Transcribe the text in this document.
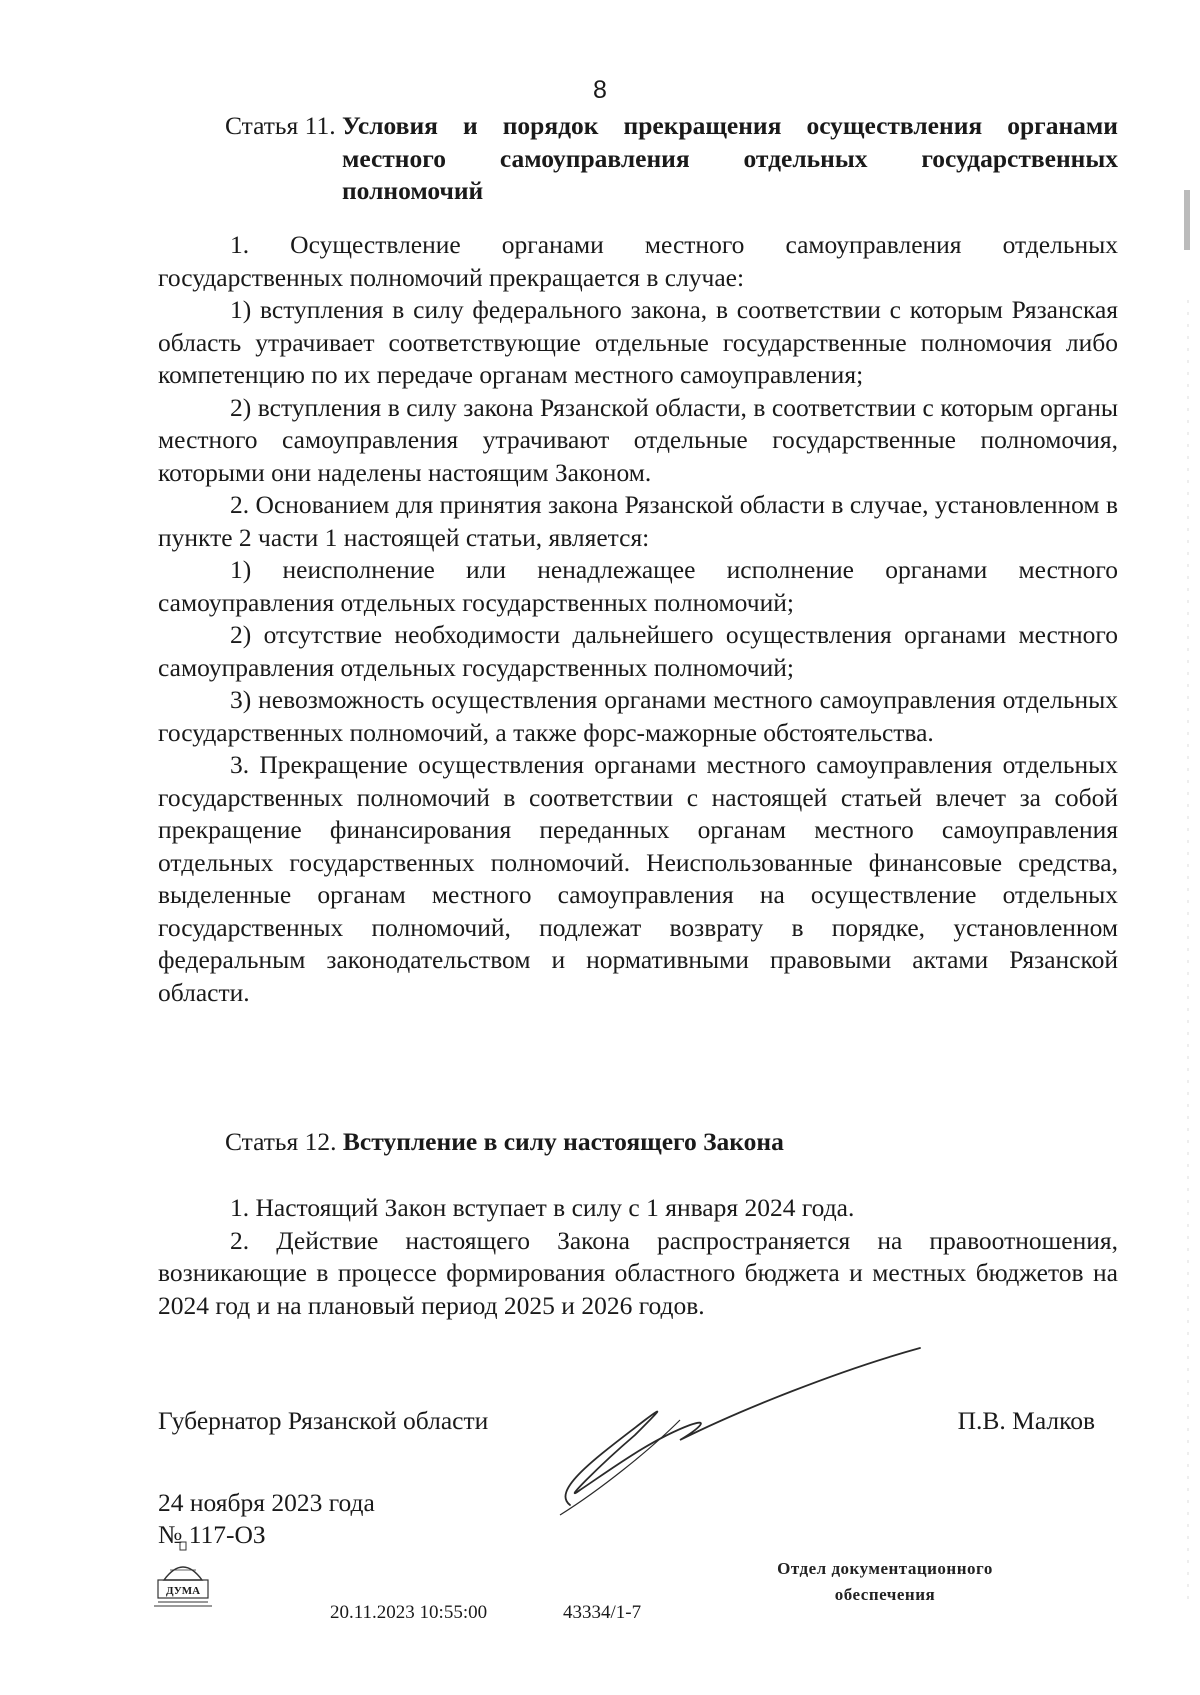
8
Статья 11. Условия и порядок прекращения осуществления органами местного самоуправления отдельных государственных полномочий

1. Осуществление органами местного самоуправления отдельных государственных полномочий прекращается в случае:

1) вступления в силу федерального закона, в соответствии с которым Рязанская область утрачивает соответствующие отдельные государственные полномочия либо компетенцию по их передаче органам местного самоуправления;

2) вступления в силу закона Рязанской области, в соответствии с которым органы местного самоуправления утрачивают отдельные государственные полномочия, которыми они наделены настоящим Законом.

2. Основанием для принятия закона Рязанской области в случае, установленном в пункте 2 части 1 настоящей статьи, является:

1) неисполнение или ненадлежащее исполнение органами местного самоуправления отдельных государственных полномочий;

2) отсутствие необходимости дальнейшего осуществления органами местного самоуправления отдельных государственных полномочий;

3) невозможность осуществления органами местного самоуправления отдельных государственных полномочий, а также форс-мажорные обстоятельства.

3. Прекращение осуществления органами местного самоуправления отдельных государственных полномочий в соответствии с настоящей статьей влечет за собой прекращение финансирования переданных органам местного самоуправления отдельных государственных полномочий. Неиспользованные финансовые средства, выделенные органам местного самоуправления на осуществление отдельных государственных полномочий, подлежат возврату в порядке, установленном федеральным законодательством и нормативными правовыми актами Рязанской области.

Статья 12. Вступление в силу настоящего Закона

1. Настоящий Закон вступает в силу с 1 января 2024 года.

2. Действие настоящего Закона распространяется на правоотношения, возникающие в процессе формирования областного бюджета и местных бюджетов на 2024 год и на плановый период 2025 и 2026 годов.

Губернатор Рязанской области	П.В. Малков
24 ноября 2023 года
№ 117-ОЗ
ДУМА
20.11.2023 10:55:00	43334/1-7
Отдел документационного
обеспечения
